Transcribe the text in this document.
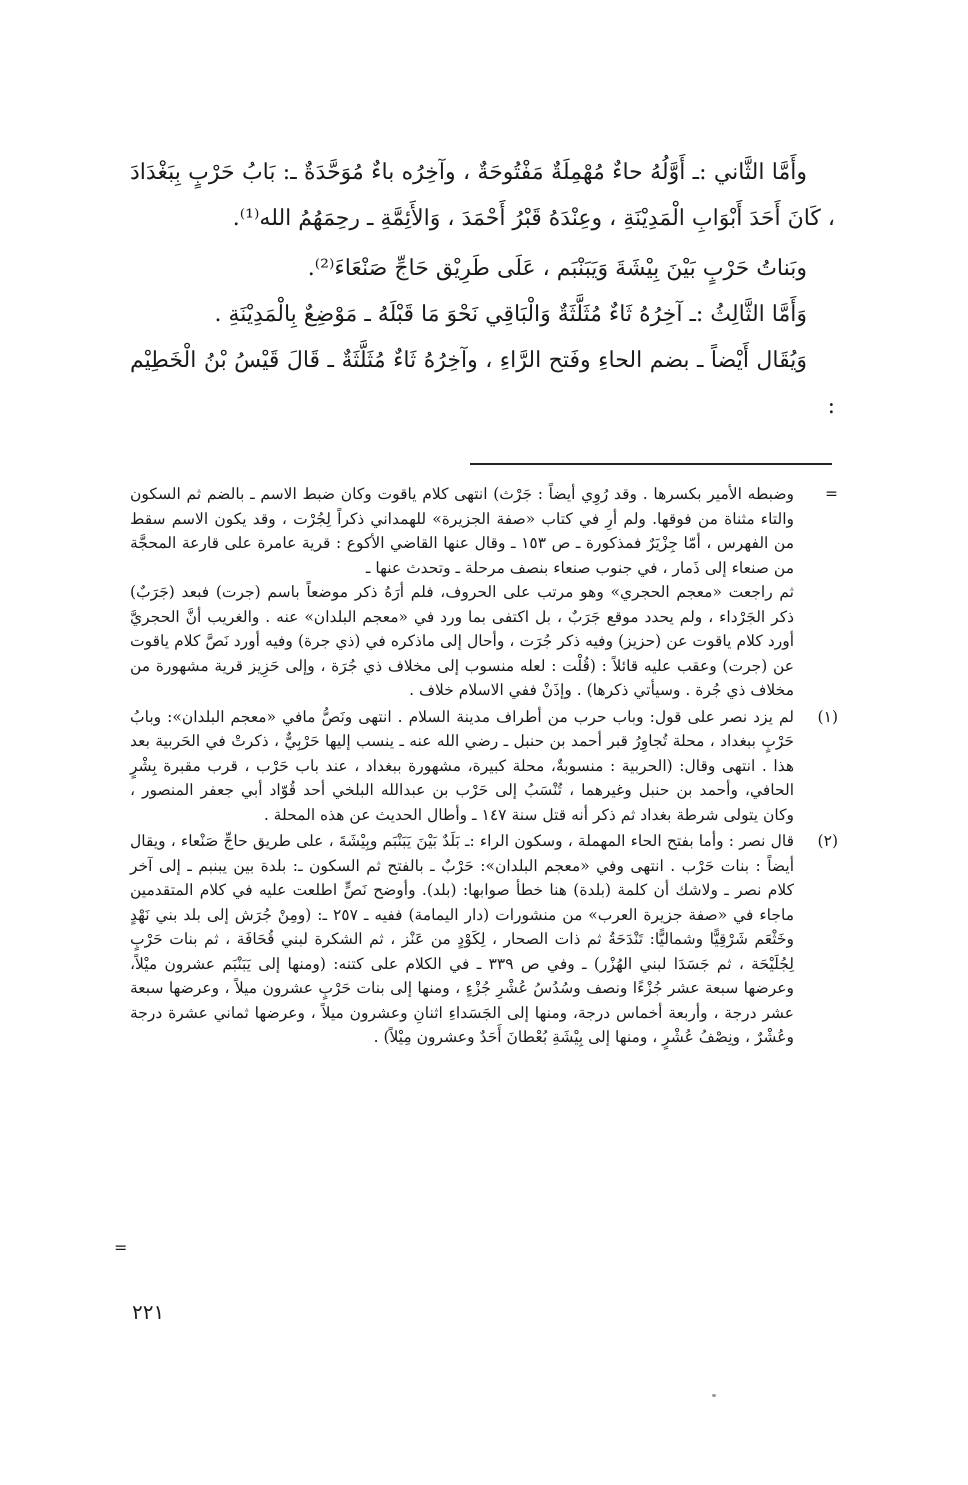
وأَمَّا الثَّاني :ـ أَوَّلُهُ حاءٌ مُهْمِلَةٌ مَفْتُوحَةٌ ، وآخِرُه باءٌ مُوَحَّدَةٌ ـ: بَابُ حَرْبٍ بِبَغْدَادَ ، كَانَ أَحَدَ أَبْوَابِ الْمَدِيْنَةِ ، وعِنْدَهُ قَبْرُ أَحْمَدَ ، وَالأَئِمَّةِ ـ رحِمَهُمُ الله⁽¹⁾.

وبَناتُ حَرْبٍ بَيْنَ بِيْشَةَ وَيَبَنْبَم ، عَلَى طَرِيْق حَاجِّ صَنْعَاءَ⁽²⁾.

وَأَمَّا الثَّالِثُ :ـ آخِرُهُ ثَاءٌ مُثَلَّثَةٌ وَالْبَاقِي نَحْوَ مَا قَبْلَهُ ـ مَوْضِعٌ بِالْمَدِيْنَةِ .

وَيُقَال أَيْضاً ـ بضم الحاءِ وفَتح الرَّاءِ ، وآخِرُهُ ثَاءٌ مُثَلَّثَةٌ ـ قَالَ قَيْسُ بْنُ الْخَطِيْم :

=

وضبطه الأمير بكسرها . وقد رُوِي أيضاً : جَرْث) انتهى كلام ياقوت وكان ضبط الاسم ـ بالضم ثم السكون والتاء مثناة من فوقها. ولم أرِ في كتاب «صفة الجزيرة» للهمداني ذكراً لِجُرْت ، وقد يكون الاسم سقط من الفهرس ، أمّا جِزْيَرٌ فمذكورة ـ ص ١٥٣ ـ وقال عنها القاضي الأكوع : قرية عامرة على قارعة المحجَّة من صنعاء إلى ذَمار ، في جنوب صنعاء بنصف مرحلة ـ وتحدث عنها ـ

ثم راجعت «معجم الحجري» وهو مرتب على الحروف، فلم أرَهُ ذكر موضعاً باسم (جرت) فبعد (جَرَبٌ) ذكر الجَرْداء ، ولم يحدد موقع جَرَبٌ ، بل اكتفى بما ورد في «معجم البلدان» عنه . والغريب أنَّ الحجريَّ أورد كلام ياقوت عن (حزيز) وفيه ذكر جُرَت ، وأحال إلى ماذكره في (ذي جرة) وفيه أورد نَصَّ كلام ياقوت عن (جرت) وعقب عليه قائلاً : (قُلْت : لعله منسوب إلى مخلاف ذي جُرَة ، وإلى حَزِيز قرية مشهورة من مخلاف ذي جُرة . وسيأتي ذكرها) . وإذَنْ ففي الاسلام خلاف .

(١)

لم يزد نصر على قول: وباب حرب من أطراف مدينة السلام . انتهى ونَصُّ مافي «معجم البلدان»: وبابُ حَرْبٍ ببغداد ، محلة تُجاوِرُ قبر أحمد بن حنبل ـ رضي الله عنه ـ ينسب إليها حَرْبِيٌّ ، ذكرتْ في الحَربية بعد هذا . انتهى وقال: (الحربية : منسوبةٌ، محلة كبيرة، مشهورة ببغداد ، عند باب حَرْب ، قرب مقبرة بِشْرٍ الحافي، وأحمد بن حنبل وغيرهما ، تُنْسَبُ إلى حَرْب بن عبدالله البلخي أحد قُوّاد أبي جعفر المنصور ، وكان يتولى شرطة بغداد ثم ذكر أنه قتل سنة ١٤٧ ـ وأطال الحديث عن هذه المحلة .

(٢)

قال نصر : وأما بفتح الحاء المهملة ، وسكون الراء :ـ بَلَدٌ بَيْنَ يَبَنْبَم وبِيْشَةَ ، على طريق حاجِّ صَنْعاء ، ويقال أيضاً : بنات حَرْب . انتهى وفي «معجم البلدان»: حَرْبٌ ـ بالفتح ثم السكون ـ: بلدة بين يبنبم ـ إلى آخر كلام نصر ـ ولاشك أن كلمة (بلدة) هنا خطأ صوابها: (بلد). وأوضح نَصٍّ اطلعت عليه في كلام المتقدمين ماجاء في «صفة جزيرة العرب» من منشورات (دار اليمامة) ففيه ـ ٢٥٧ ـ: (ومِنْ جُرَش إلى بلد بني نَهْدٍ وخَثْعَم شَرْقِيًّا وشماليًّا: تَنْدَحَةُ ثم ذات الصحار ، لِكَوْدٍ من عَنْز ، ثم الشكرة لبني قُحَافَة ، ثم بنات حَرْبٍ لِجُلَيْحَة ، ثم جَسَدَا لبني الهُزْر) ـ وفي ص ٣٣٩ ـ في الكلام على كتنه: (ومنها إلى يَبَنْبَم عشرون ميْلاً، وعرضها سبعة عشر جُزْءًا ونصف وسُدُسُ عُشْرِ جُزْءٍ ، ومنها إلى بنات حَرْبٍ عشرون ميلاً ، وعرضها سبعة عشر درجة ، وأربعة أخماس درجة، ومنها إلى الجَسَداءِ اثنانِ وعشرون ميلاً ، وعرضها ثماني عشرة درجة وعُشْرٌ ، ونِصْفُ عُشْرٍ ، ومنها إلى بِيْشَةِ بُعْطانَ أَحَدٌ وعشرون مِيْلاً) .

=
٢٢١
